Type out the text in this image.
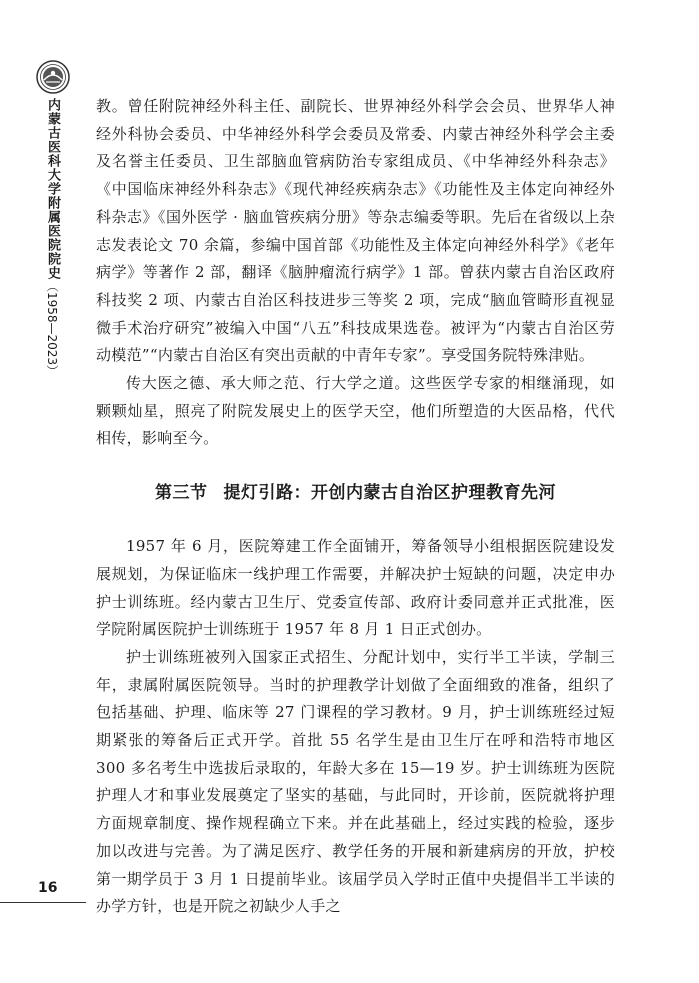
内蒙古医科大学附属医院院史（1958—2023）
16

教。曾任附院神经外科主任、副院长、世界神经外科学会会员、世界华人神经外科协会委员、中华神经外科学会委员及常委、内蒙古神经外科学会主委及名誉主任委员、卫生部脑血管病防治专家组成员、《中华神经外科杂志》《中国临床神经外科杂志》《现代神经疾病杂志》《功能性及主体定向神经外科杂志》《国外医学 · 脑血管疾病分册》等杂志编委等职。先后在省级以上杂志发表论文 70 余篇，参编中国首部《功能性及主体定向神经外科学》《老年病学》等著作 2 部，翻译《脑肿瘤流行病学》1 部。曾获内蒙古自治区政府科技奖 2 项、内蒙古自治区科技进步三等奖 2 项，完成“脑血管畸形直视显微手术治疗研究”被编入中国“八五”科技成果选卷。被评为“内蒙古自治区劳动模范”“内蒙古自治区有突出贡献的中青年专家”。享受国务院特殊津贴。

传大医之德、承大师之范、行大学之道。这些医学专家的相继涌现，如颗颗灿星，照亮了附院发展史上的医学天空，他们所塑造的大医品格，代代相传，影响至今。

第三节 提灯引路：开创内蒙古自治区护理教育先河

1957 年 6 月，医院筹建工作全面铺开，筹备领导小组根据医院建设发展规划，为保证临床一线护理工作需要，并解决护士短缺的问题，决定申办护士训练班。经内蒙古卫生厅、党委宣传部、政府计委同意并正式批准，医学院附属医院护士训练班于 1957 年 8 月 1 日正式创办。

护士训练班被列入国家正式招生、分配计划中，实行半工半读，学制三年，隶属附属医院领导。当时的护理教学计划做了全面细致的准备，组织了包括基础、护理、临床等 27 门课程的学习教材。9 月，护士训练班经过短期紧张的筹备后正式开学。首批 55 名学生是由卫生厅在呼和浩特市地区 300 多名考生中选拔后录取的，年龄大多在 15—19 岁。护士训练班为医院护理人才和事业发展奠定了坚实的基础，与此同时，开诊前，医院就将护理方面规章制度、操作规程确立下来。并在此基础上，经过实践的检验，逐步加以改进与完善。为了满足医疗、教学任务的开展和新建病房的开放，护校第一期学员于 3 月 1 日提前毕业。该届学员入学时正值中央提倡半工半读的办学方针，也是开院之初缺少人手之
